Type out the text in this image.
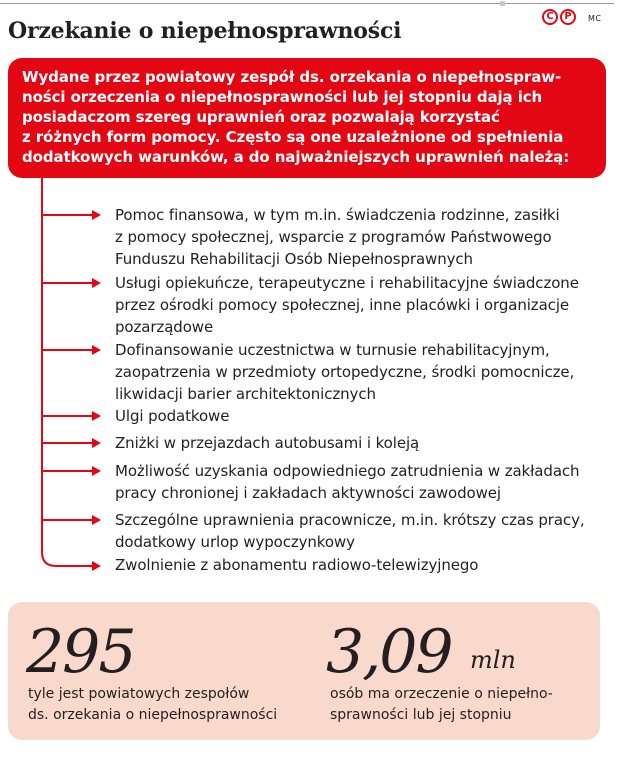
Orzekanie o niepełnosprawności
C	P	MC
Wydane przez powiatowy zespół ds. orzekania o niepełnospraw-
ności orzeczenia o niepełnosprawności lub jej stopniu dają ich
posiadaczom szereg uprawnień oraz pozwalają korzystać
z różnych form pomocy. Często są one uzależnione od spełnienia
dodatkowych warunków, a do najważniejszych uprawnień należą:
Pomoc finansowa, w tym m.in. świadczenia rodzinne, zasiłki
z pomocy społecznej, wsparcie z programów Państwowego
Funduszu Rehabilitacji Osób Niepełnosprawnych
Usługi opiekuńcze, terapeutyczne i rehabilitacyjne świadczone
przez ośrodki pomocy społecznej, inne placówki i organizacje
pozarządowe
Dofinansowanie uczestnictwa w turnusie rehabilitacyjnym,
zaopatrzenia w przedmioty ortopedyczne, środki pomocnicze,
likwidacji barier architektonicznych
Ulgi podatkowe
Zniżki w przejazdach autobusami i koleją
Możliwość uzyskania odpowiedniego zatrudnienia w zakładach
pracy chronionej i zakładach aktywności zawodowej
Szczególne uprawnienia pracownicze, m.in. krótszy czas pracy,
dodatkowy urlop wypoczynkowy
Zwolnienie z abonamentu radiowo-telewizyjnego
295
tyle jest powiatowych zespołów
ds. orzekania o niepełnosprawności
3,09 mln
osób ma orzeczenie o niepełno-
sprawności lub jej stopniu
